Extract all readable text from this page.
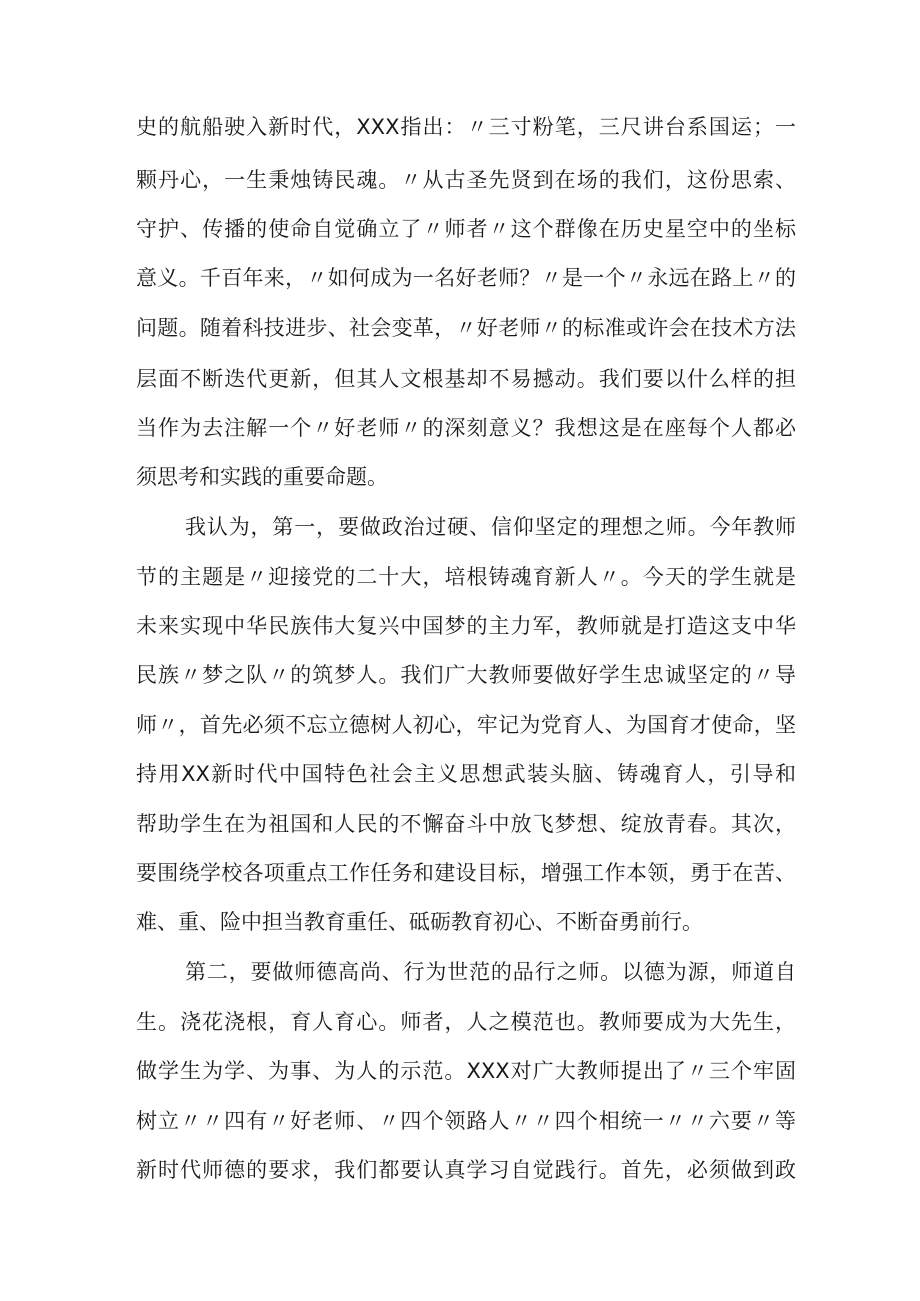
史的航船驶入新时代，XXX指出：〃三寸粉笔，三尺讲台系国运；一
颗丹心，一生秉烛铸民魂。〃从古圣先贤到在场的我们，这份思索、
守护、传播的使命自觉确立了〃师者〃这个群像在历史星空中的坐标
意义。千百年来，〃如何成为一名好老师？〃是一个〃永远在路上〃的
问题。随着科技进步、社会变革，〃好老师〃的标准或许会在技术方法
层面不断迭代更新，但其人文根基却不易撼动。我们要以什么样的担
当作为去注解一个〃好老师〃的深刻意义？我想这是在座每个人都必
须思考和实践的重要命题。
我认为，第一，要做政治过硬、信仰坚定的理想之师。今年教师
节的主题是〃迎接党的二十大，培根铸魂育新人〃。今天的学生就是
未来实现中华民族伟大复兴中国梦的主力军，教师就是打造这支中华
民族〃梦之队〃的筑梦人。我们广大教师要做好学生忠诚坚定的〃导
师〃，首先必须不忘立德树人初心，牢记为党育人、为国育才使命，坚
持用XX新时代中国特色社会主义思想武装头脑、铸魂育人，引导和
帮助学生在为祖国和人民的不懈奋斗中放飞梦想、绽放青春。其次，
要围绕学校各项重点工作任务和建设目标，增强工作本领，勇于在苦、
难、重、险中担当教育重任、砥砺教育初心、不断奋勇前行。
第二，要做师德高尚、行为世范的品行之师。以德为源，师道自
生。浇花浇根，育人育心。师者，人之模范也。教师要成为大先生，
做学生为学、为事、为人的示范。XXX对广大教师提出了〃三个牢固
树立〃〃四有〃好老师、〃四个领路人〃〃四个相统一〃〃六要〃等
新时代师德的要求，我们都要认真学习自觉践行。首先，必须做到政
